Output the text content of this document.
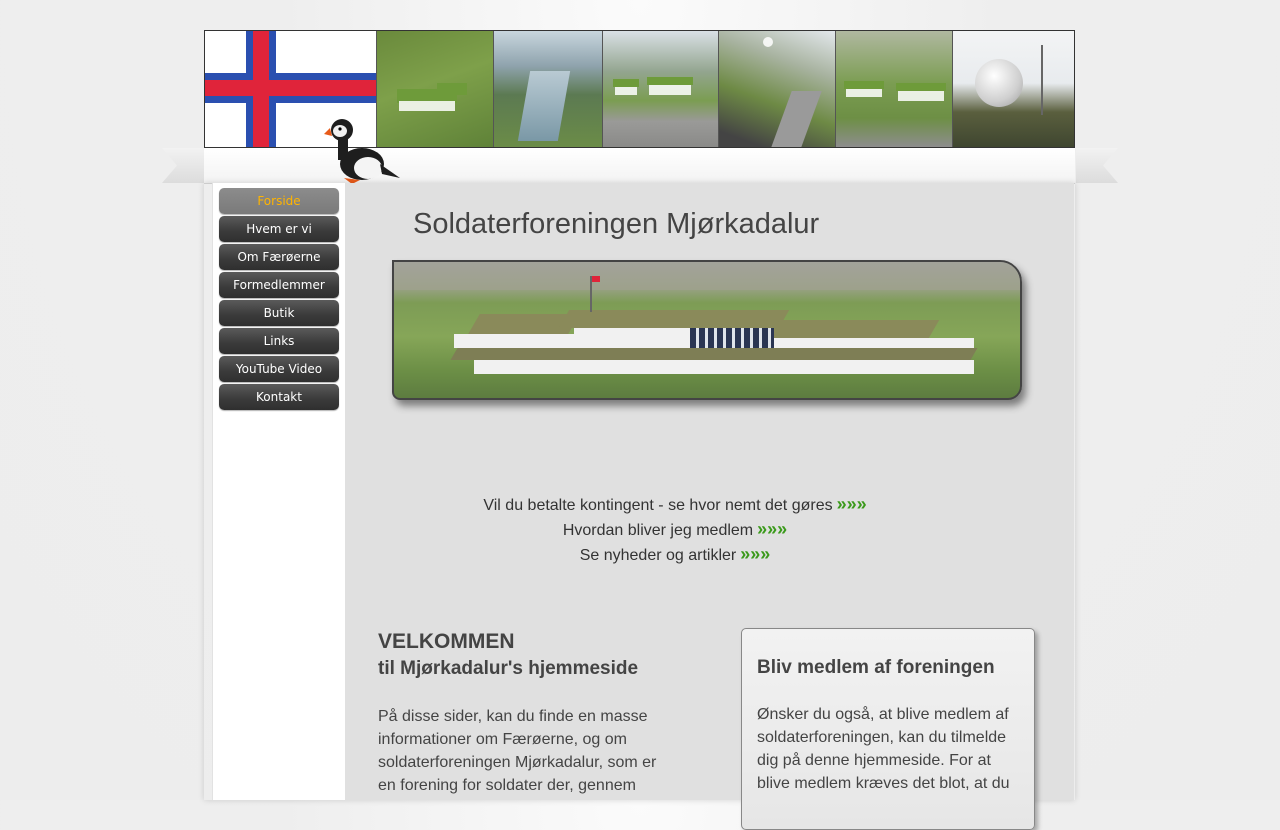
Forside
Hvem er vi
Om Færøerne
Formedlemmer
Butik
Links
YouTube Video
Kontakt
Soldaterforeningen Mjørkadalur
Vil du betalte kontingent - se hvor nemt det gøres »»»
Hvordan bliver jeg medlem »»»
Se nyheder og artikler »»»
VELKOMMEN
til Mjørkadalur's hjemmeside
På disse sider, kan du finde en masse informationer om Færøerne, og om soldaterforeningen Mjørkadalur, som er en forening for soldater der, gennem
Bliv medlem af foreningen
Ønsker du også, at blive medlem af soldaterforeningen, kan du tilmelde dig på denne hjemmeside. For at blive medlem kræves det blot, at du
